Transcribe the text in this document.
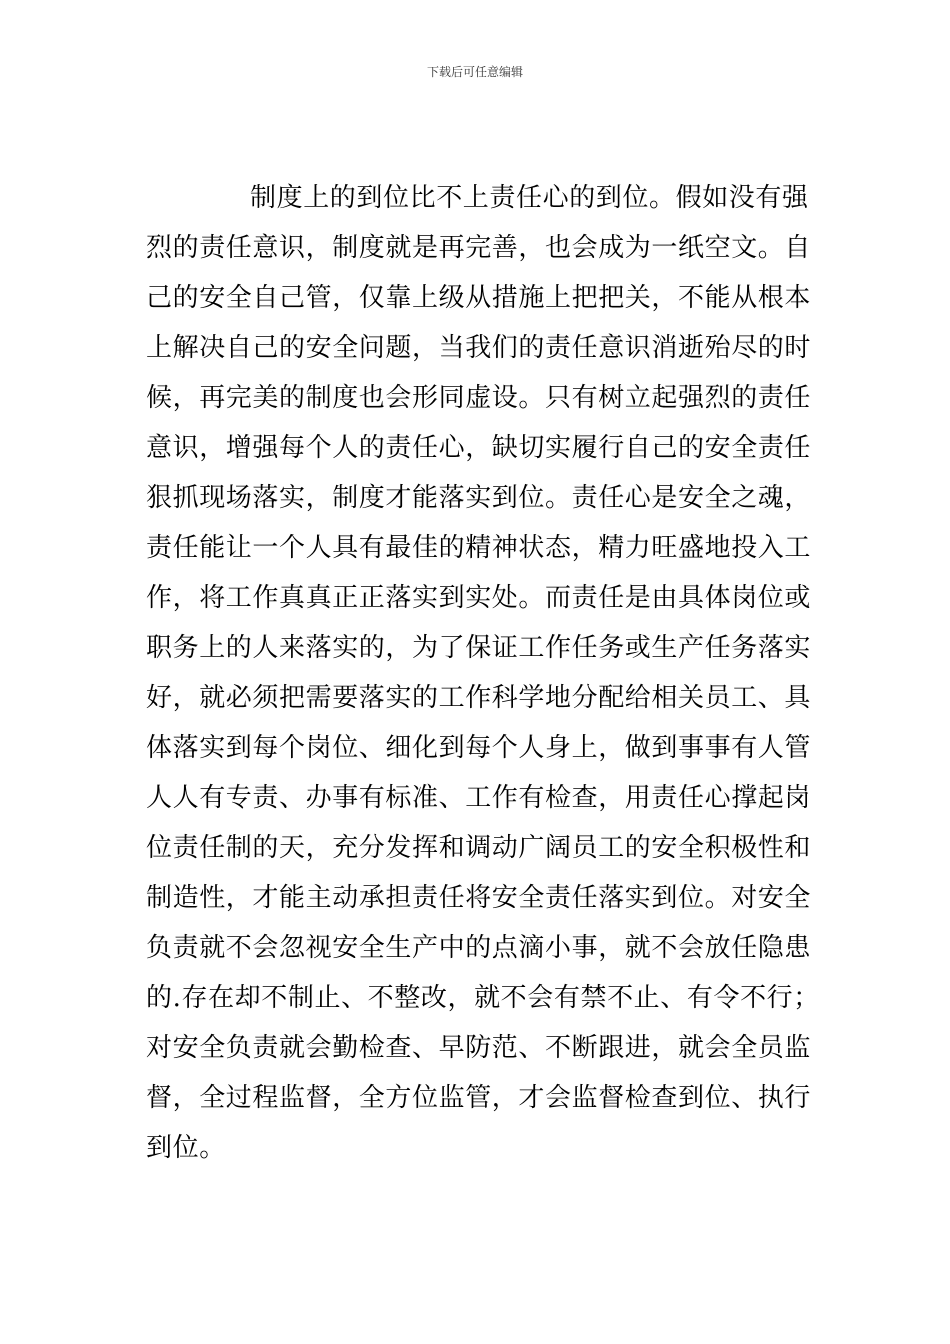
下载后可任意编辑
制度上的到位比不上责任心的到位。假如没有强
烈的责任意识，制度就是再完善，也会成为一纸空文。自
己的安全自己管，仅靠上级从措施上把把关，不能从根本
上解决自己的安全问题，当我们的责任意识消逝殆尽的时
候，再完美的制度也会形同虚设。只有树立起强烈的责任
意识，增强每个人的责任心，缺切实履行自己的安全责任
狠抓现场落实，制度才能落实到位。责任心是安全之魂，
责任能让一个人具有最佳的精神状态，精力旺盛地投入工
作，将工作真真正正落实到实处。而责任是由具体岗位或
职务上的人来落实的，为了保证工作任务或生产任务落实
好，就必须把需要落实的工作科学地分配给相关员工、具
体落实到每个岗位、细化到每个人身上，做到事事有人管
人人有专责、办事有标准、工作有检查，用责任心撑起岗
位责任制的天，充分发挥和调动广阔员工的安全积极性和
制造性，才能主动承担责任将安全责任落实到位。对安全
负责就不会忽视安全生产中的点滴小事，就不会放任隐患
的.存在却不制止、不整改，就不会有禁不止、有令不行；
对安全负责就会勤检查、早防范、不断跟进，就会全员监
督，全过程监督，全方位监管，才会监督检查到位、执行
到位。
